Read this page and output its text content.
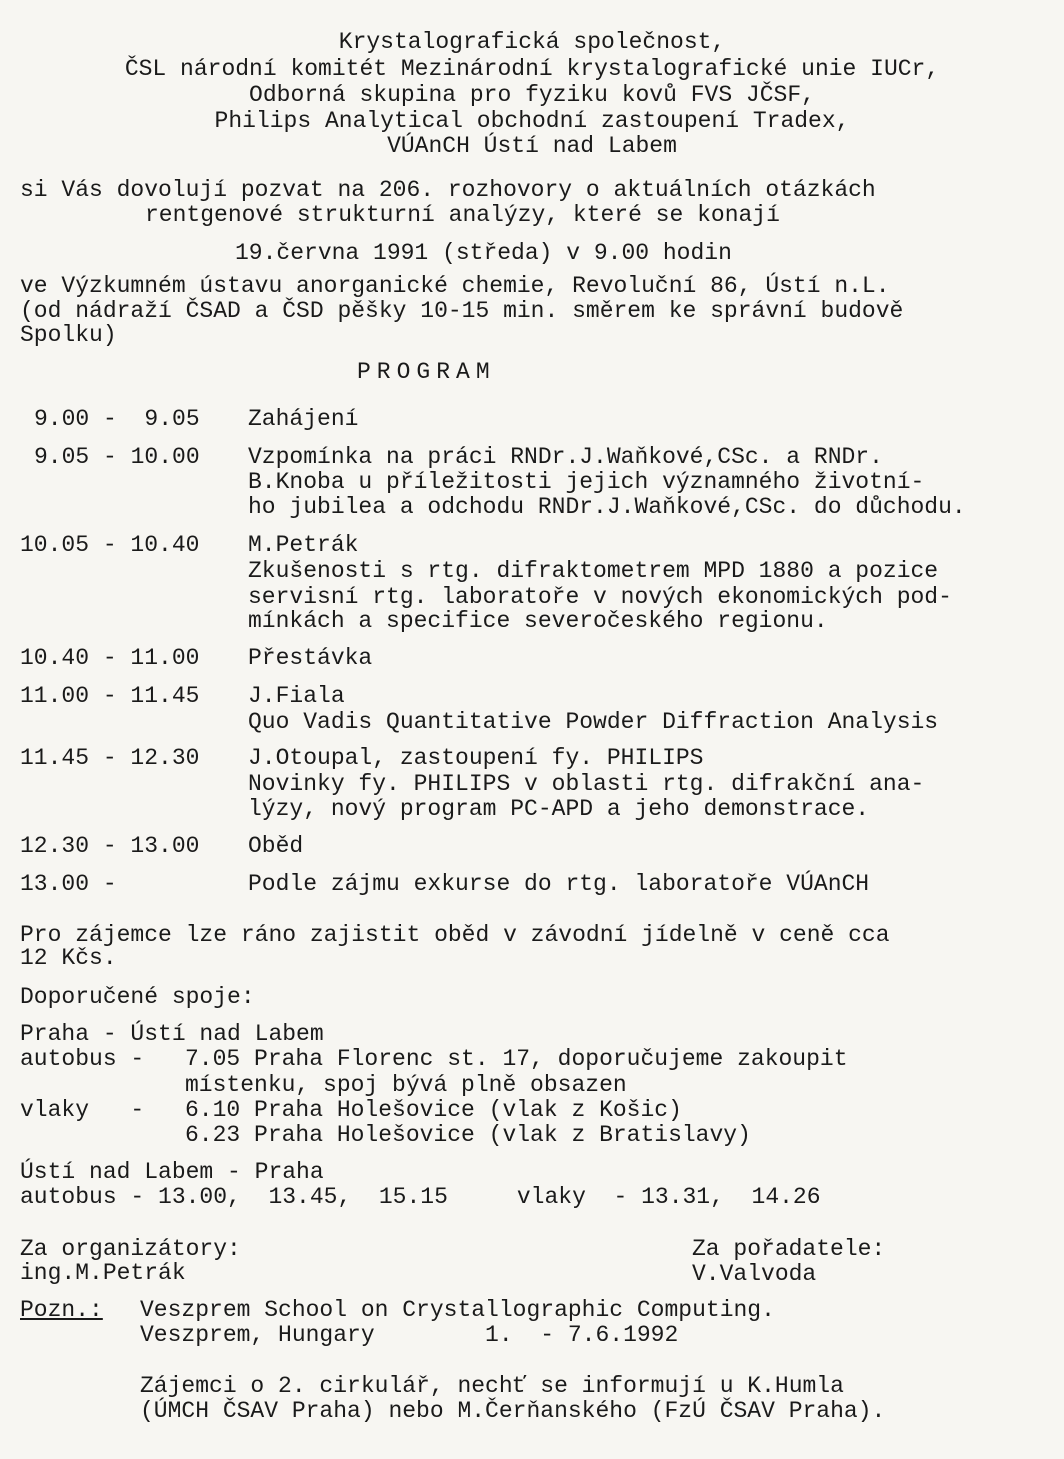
Krystalografická společnost,
ČSL národní komitét Mezinárodní krystalografické unie IUCr,
Odborná skupina pro fyziku kovů FVS JČSF,
Philips Analytical obchodní zastoupení Tradex,
VÚAnCH Ústí nad Labem
si Vás dovolují pozvat na 206. rozhovory o aktuálních otázkách
rentgenové strukturní analýzy, které se konají
19.června 1991 (středa) v 9.00 hodin
ve Výzkumném ústavu anorganické chemie, Revoluční 86, Ústí n.L.
(od nádraží ČSAD a ČSD pěšky 10-15 min. směrem ke správní budově
Spolku)
PROGRAM
9.00 -  9.05 Zahájení
9.05 - 10.00 Vzpomínka na práci RNDr.J.Waňkové,CSc. a RNDr.
B.Knoba u příležitosti jejich významného životní-
ho jubilea a odchodu RNDr.J.Waňkové,CSc. do důchodu.
10.05 - 10.40 M.Petrák
Zkušenosti s rtg. difraktometrem MPD 1880 a pozice
servisní rtg. laboratoře v nových ekonomických pod-
mínkách a specifice severočeského regionu.
10.40 - 11.00 Přestávka
11.00 - 11.45 J.Fiala
Quo Vadis Quantitative Powder Diffraction Analysis
11.45 - 12.30 J.Otoupal, zastoupení fy. PHILIPS
Novinky fy. PHILIPS v oblasti rtg. difrakční ana-
lýzy, nový program PC-APD a jeho demonstrace.
12.30 - 13.00 Oběd
13.00 -	Podle zájmu exkurse do rtg. laboratoře VÚAnCH
Pro zájemce lze ráno zajistit oběd v závodní jídelně v ceně cca
12 Kčs.
Doporučené spoje:
Praha - Ústí nad Labem
autobus - 7.05 Praha Florenc st. 17, doporučujeme zakoupit
místenku, spoj bývá plně obsazen
vlaky   - 6.10 Praha Holešovice (vlak z Košic)
6.23 Praha Holešovice (vlak z Bratislavy)
Ústí nad Labem - Praha
autobus - 13.00,  13.45,  15.15     vlaky  - 13.31,  14.26
Za organizátory:
ing.M.Petrák
Za pořadatele:
V.Valvoda
Pozn.: Veszprem School on Crystallographic Computing.
Veszprem, Hungary        1.  - 7.6.1992
Zájemci o 2. cirkulář, nechť se informují u K.Humla
(ÚMCH ČSAV Praha) nebo M.Čerňanského (FzÚ ČSAV Praha).
